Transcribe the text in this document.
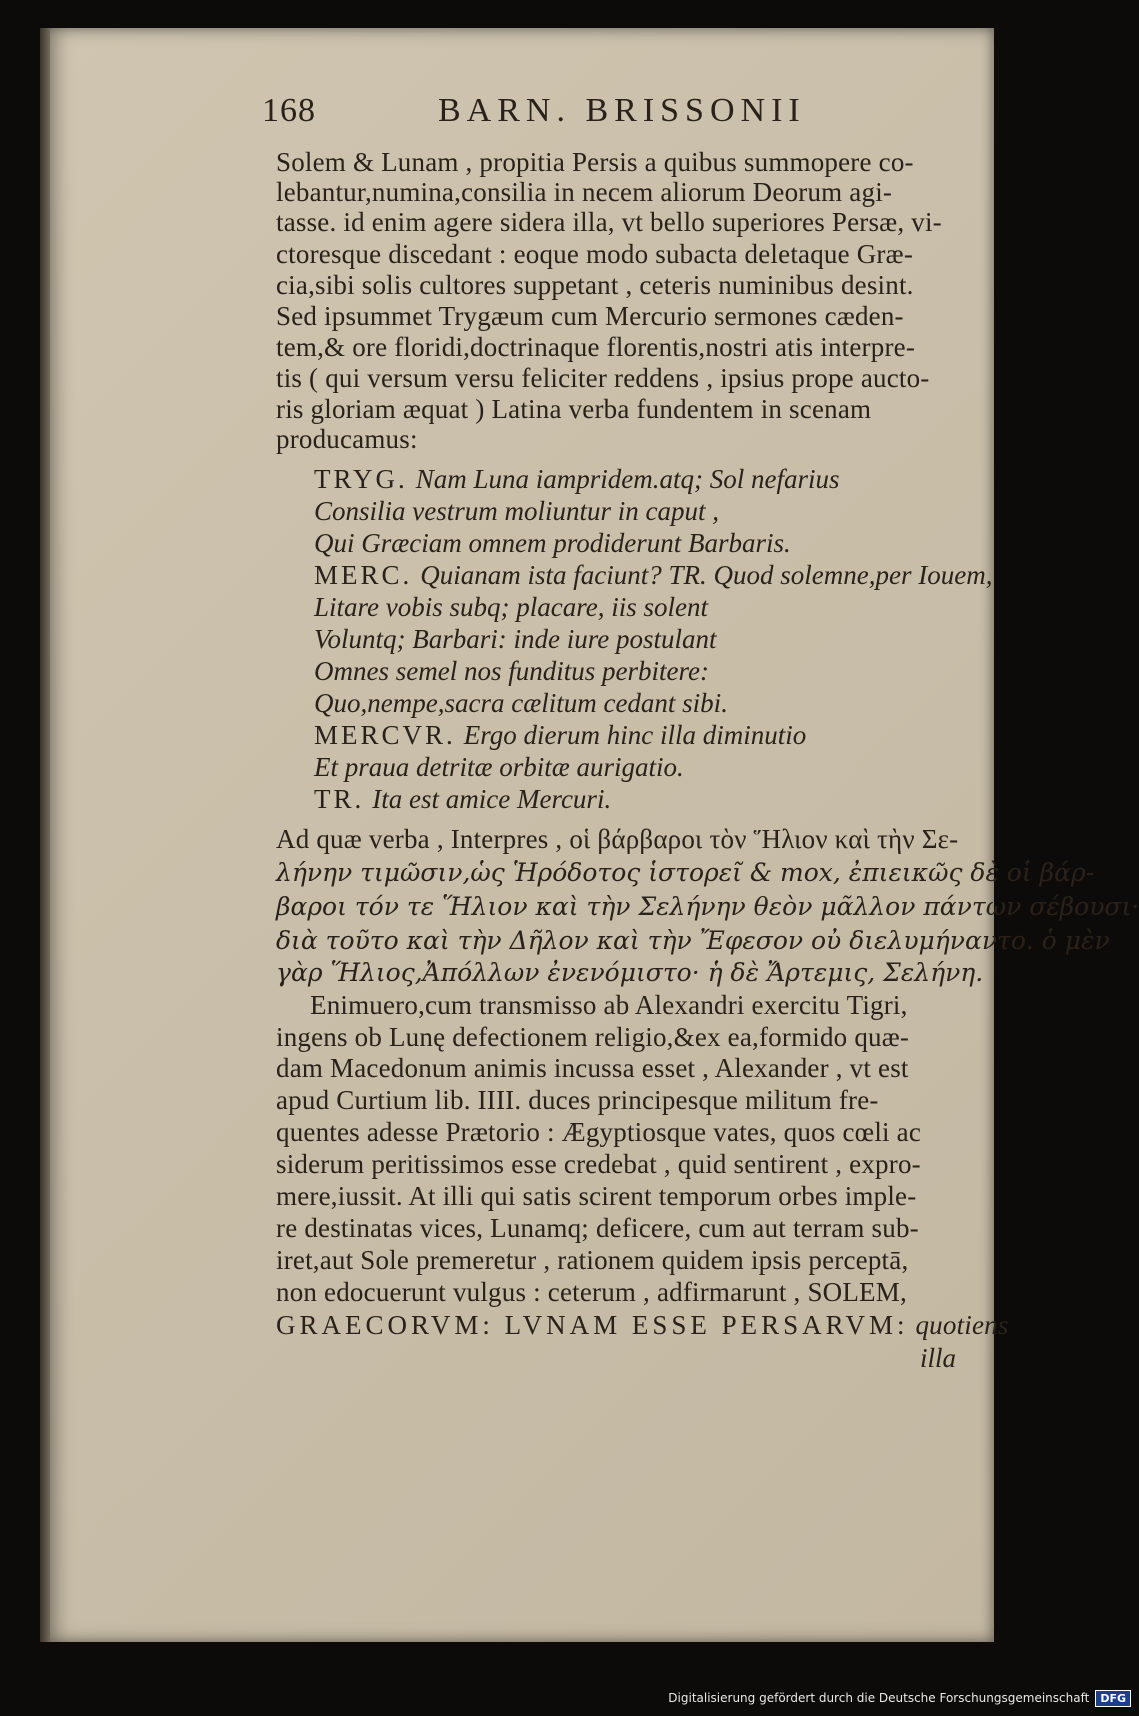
168	BARN. BRISSONII
Solem & Lunam , propitia Persis a quibus summopere co-
lebantur,numina,consilia in necem aliorum Deorum agi-
tasse. id enim agere sidera illa, vt bello superiores Persæ, vi-
ctoresque discedant : eoque modo subacta deletaque Græ-
cia,sibi solis cultores suppetant , ceteris numinibus desint.
Sed ipsummet Trygæum cum Mercurio sermones cæden-
tem,& ore floridi,doctrinaque florentis,nostri atis interpre-
tis ( qui versum versu feliciter reddens , ipsius prope aucto-
ris gloriam æquat ) Latina verba fundentem in scenam
producamus:
TRYG. Nam Luna iampridem.atq; Sol nefarius
Consilia vestrum moliuntur in caput ,
Qui Græciam omnem prodiderunt Barbaris.
MERC. Quianam ista faciunt? TR. Quod solemne,per Iouem,
Litare vobis subq; placare, iis solent
Voluntq; Barbari: inde iure postulant
Omnes semel nos funditus perbitere:
Quo,nempe,sacra cælitum cedant sibi.
MERCVR. Ergo dierum hinc illa diminutio
Et praua detritæ orbitæ aurigatio.
TR. Ita est amice Mercuri.
Ad quæ verba , Interpres , οἱ βάρβαροι τὸν Ἥλιον καὶ τὴν Σε-
λήνην τιμῶσιν,ὡς Ἡρόδοτος ἱστορεῖ & mox, ἐπιεικῶς δὲ οἱ βάρ-
βαροι τόν τε Ἥλιον καὶ τὴν Σελήνην θεὸν μᾶλλον πάντων σέβουσι·
διὰ τοῦτο καὶ τὴν Δῆλον καὶ τὴν Ἔφεσον οὐ διελυμήναντο. ὁ μὲν
γὰρ Ἥλιος,Ἀπόλλων ἐνενόμιστο· ἡ δὲ Ἄρτεμις, Σελήνη.
Enimuero,cum transmisso ab Alexandri exercitu Tigri,
ingens ob Lunę defectionem religio,&ex ea,formido quæ-
dam Macedonum animis incussa esset , Alexander , vt est
apud Curtium lib. IIII. duces principesque militum fre-
quentes adesse Prætorio : Ægyptiosque vates, quos cœli ac
siderum peritissimos esse credebat , quid sentirent , expro-
mere,iussit. At illi qui satis scirent temporum orbes imple-
re destinatas vices, Lunamq; deficere, cum aut terram sub-
iret,aut Sole premeretur , rationem quidem ipsis perceptā,
non edocuerunt vulgus : ceterum , adfirmarunt , SOLEM,
GRAECORVM: LVNAM ESSE PERSARVM: quotiens
illa
Digitalisierung gefördert durch die Deutsche Forschungsgemeinschaft	DFG
